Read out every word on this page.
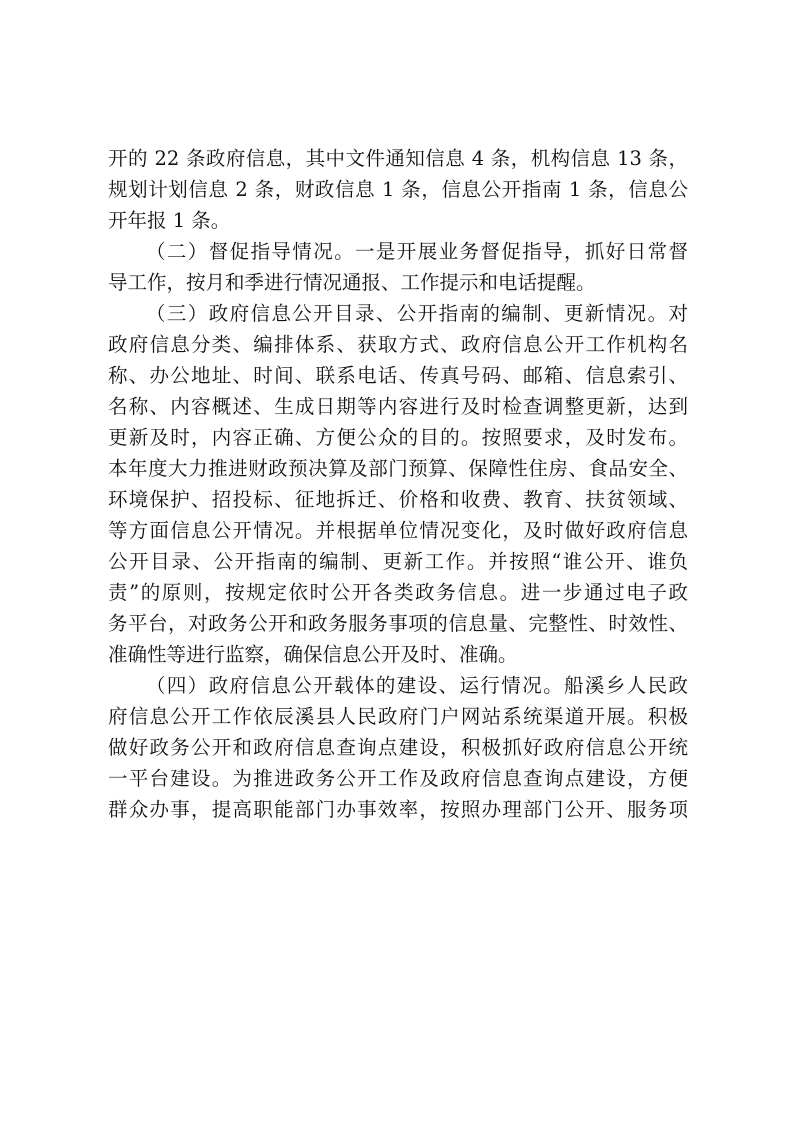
开的 22 条政府信息，其中文件通知信息 4 条，机构信息 13 条，
规划计划信息 2 条，财政信息 1 条，信息公开指南 1 条，信息公
开年报 1 条。
（二）督促指导情况。一是开展业务督促指导，抓好日常督
导工作，按月和季进行情况通报、工作提示和电话提醒。
（三）政府信息公开目录、公开指南的编制、更新情况。对
政府信息分类、编排体系、获取方式、政府信息公开工作机构名
称、办公地址、时间、联系电话、传真号码、邮箱、信息索引、
名称、内容概述、生成日期等内容进行及时检查调整更新，达到
更新及时，内容正确、方便公众的目的。按照要求，及时发布。
本年度大力推进财政预决算及部门预算、保障性住房、食品安全、
环境保护、招投标、征地拆迁、价格和收费、教育、扶贫领域、
等方面信息公开情况。并根据单位情况变化，及时做好政府信息
公开目录、公开指南的编制、更新工作。并按照“谁公开、谁负
责”的原则，按规定依时公开各类政务信息。进一步通过电子政
务平台，对政务公开和政务服务事项的信息量、完整性、时效性、
准确性等进行监察，确保信息公开及时、准确。
（四）政府信息公开载体的建设、运行情况。船溪乡人民政
府信息公开工作依辰溪县人民政府门户网站系统渠道开展。积极
做好政务公开和政府信息查询点建设，积极抓好政府信息公开统
一平台建设。为推进政务公开工作及政府信息查询点建设，方便
群众办事，提高职能部门办事效率，按照办理部门公开、服务项
